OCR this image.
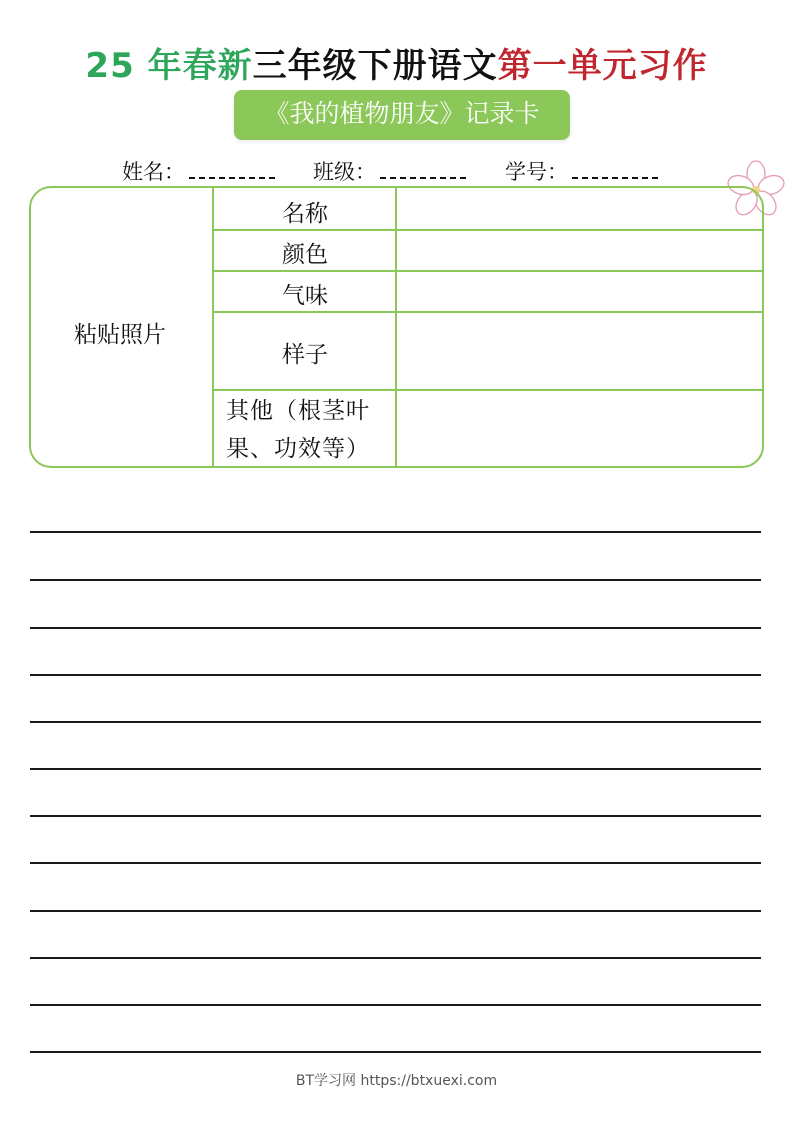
25 年春新三年级下册语文第一单元习作
《我的植物朋友》记录卡
姓名：	班级：	学号：
粘贴照片
名称
颜色
气味
样子
其他（根茎叶
果、功效等）
BT学习网 https://btxuexi.com
